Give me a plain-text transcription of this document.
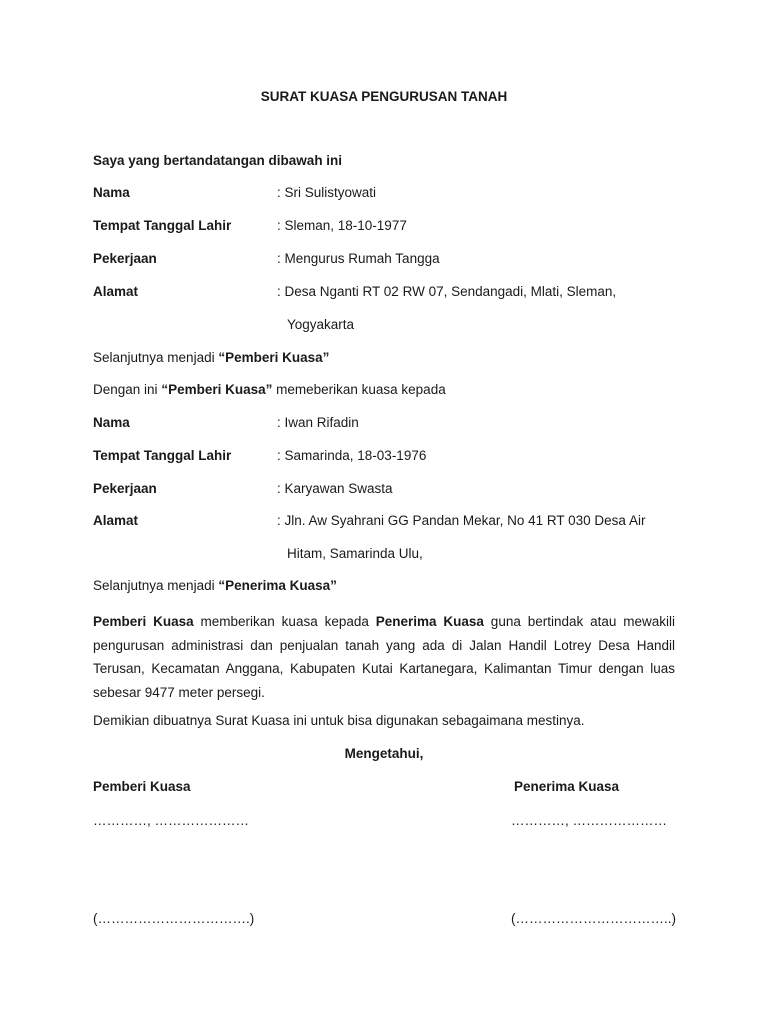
SURAT KUASA PENGURUSAN TANAH
Saya yang bertandatangan dibawah ini
Nama	: Sri Sulistyowati
Tempat Tanggal Lahir	: Sleman, 18-10-1977
Pekerjaan	: Mengurus Rumah Tangga
Alamat	: Desa Nganti RT 02 RW 07, Sendangadi, Mlati, Sleman,
Yogyakarta
Selanjutnya menjadi “Pemberi Kuasa”
Dengan ini “Pemberi Kuasa” memeberikan kuasa kepada
Nama	: Iwan Rifadin
Tempat Tanggal Lahir	: Samarinda, 18-03-1976
Pekerjaan	: Karyawan Swasta
Alamat	: Jln. Aw Syahrani GG Pandan Mekar, No 41 RT 030 Desa Air
Hitam, Samarinda Ulu,
Selanjutnya menjadi “Penerima Kuasa”
Pemberi Kuasa memberikan kuasa kepada Penerima Kuasa guna bertindak atau mewakili pengurusan administrasi dan penjualan tanah yang ada di Jalan Handil Lotrey Desa Handil Terusan, Kecamatan Anggana, Kabupaten Kutai Kartanegara, Kalimantan Timur dengan luas sebesar 9477 meter persegi.
Demikian dibuatnya Surat Kuasa ini untuk bisa digunakan sebagaimana mestinya.
Mengetahui,
Pemberi Kuasa	Penerima Kuasa
…………, …………………	…………, …………………
(…………………………….)	(……………………………..)
